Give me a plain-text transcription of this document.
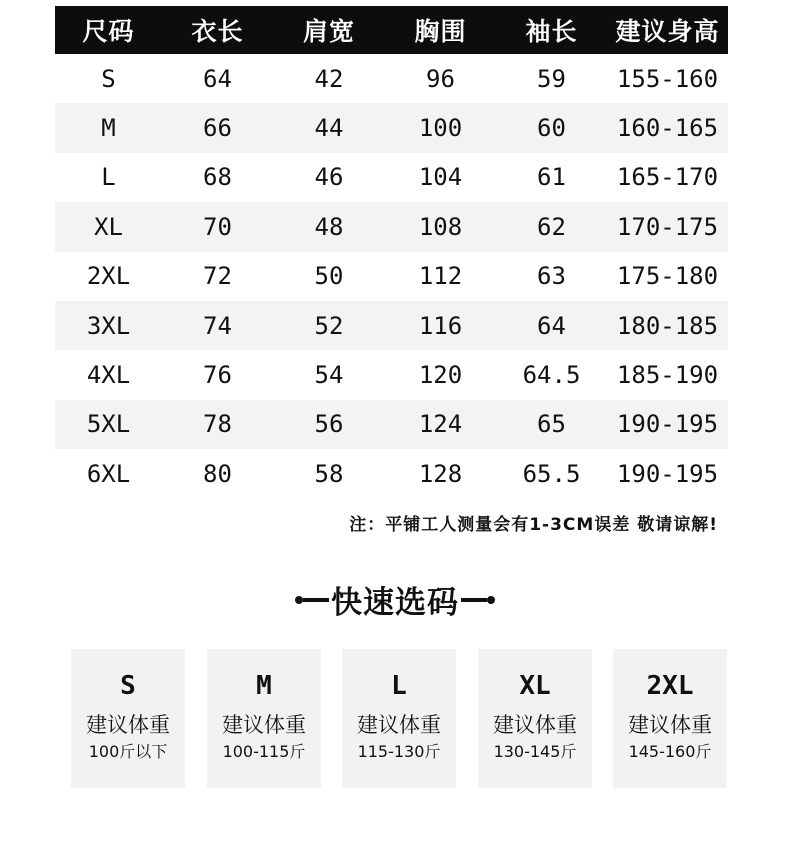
尺码	衣长	肩宽	胸围	袖长	建议身高
S	64	42	96	59	155-160
M	66	44	100	60	160-165
L	68	46	104	61	165-170
XL	70	48	108	62	170-175
2XL	72	50	112	63	175-180
3XL	74	52	116	64	180-185
4XL	76	54	120	64.5	185-190
5XL	78	56	124	65	190-195
6XL	80	58	128	65.5	190-195
注：平铺工人测量会有1-3CM误差 敬请谅解!
快速选码
S
建议体重
100斤以下
M
建议体重
100-115斤
L
建议体重
115-130斤
XL
建议体重
130-145斤
2XL
建议体重
145-160斤
